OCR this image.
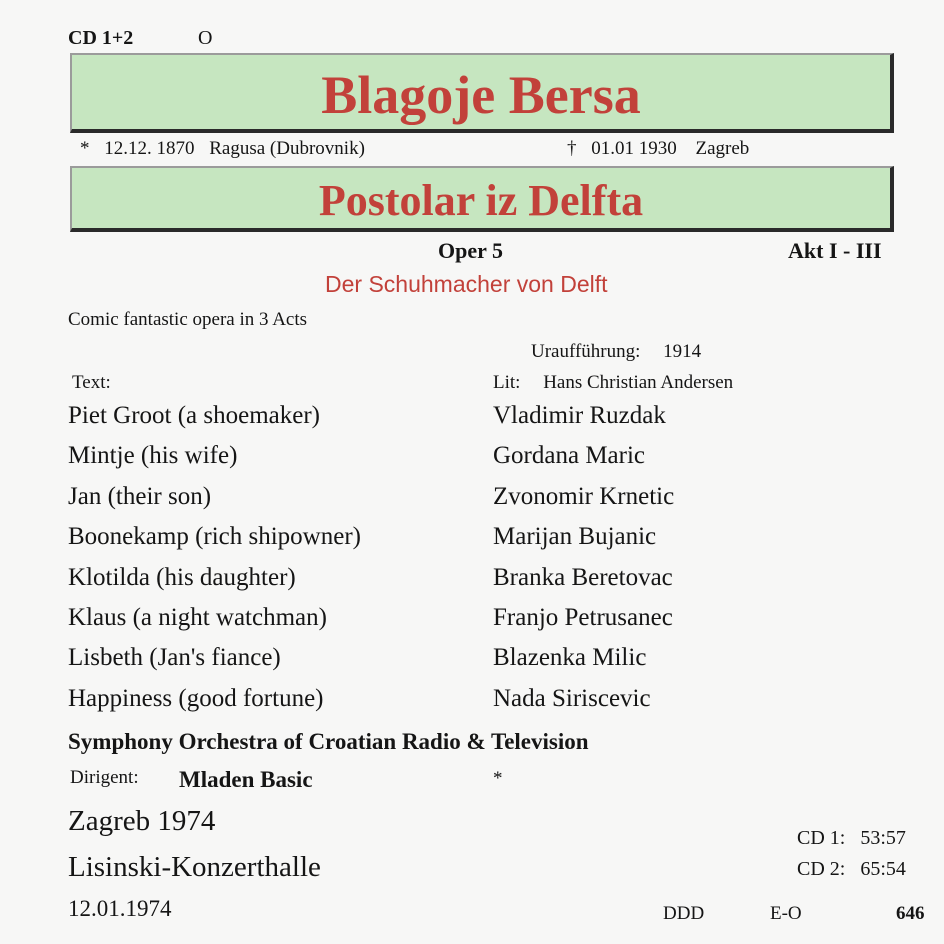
CD 1+2	O
Blagoje Bersa
* 12.12. 1870 Ragusa (Dubrovnik)	† 01.01 1930 Zagreb
Postolar iz Delfta
Oper 5	Akt I - III
Der Schuhmacher von Delft
Comic fantastic opera in 3 Acts
Uraufführung: 1914
Text:	Lit: Hans Christian Andersen
Piet Groot (a shoemaker)	Vladimir Ruzdak
Mintje (his wife)	Gordana Maric
Jan (their son)	Zvonomir Krnetic
Boonekamp (rich shipowner)	Marijan Bujanic
Klotilda (his daughter)	Branka Beretovac
Klaus (a night watchman)	Franjo Petrusanec
Lisbeth (Jan's fiance)	Blazenka Milic
Happiness (good fortune)	Nada Siriscevic
Symphony Orchestra of Croatian Radio & Television
Dirigent: Mladen Basic	*
Zagreb 1974
Lisinski-Konzerthalle
12.01.1974
CD 1: 53:57
CD 2: 65:54
DDD	E-O	646
